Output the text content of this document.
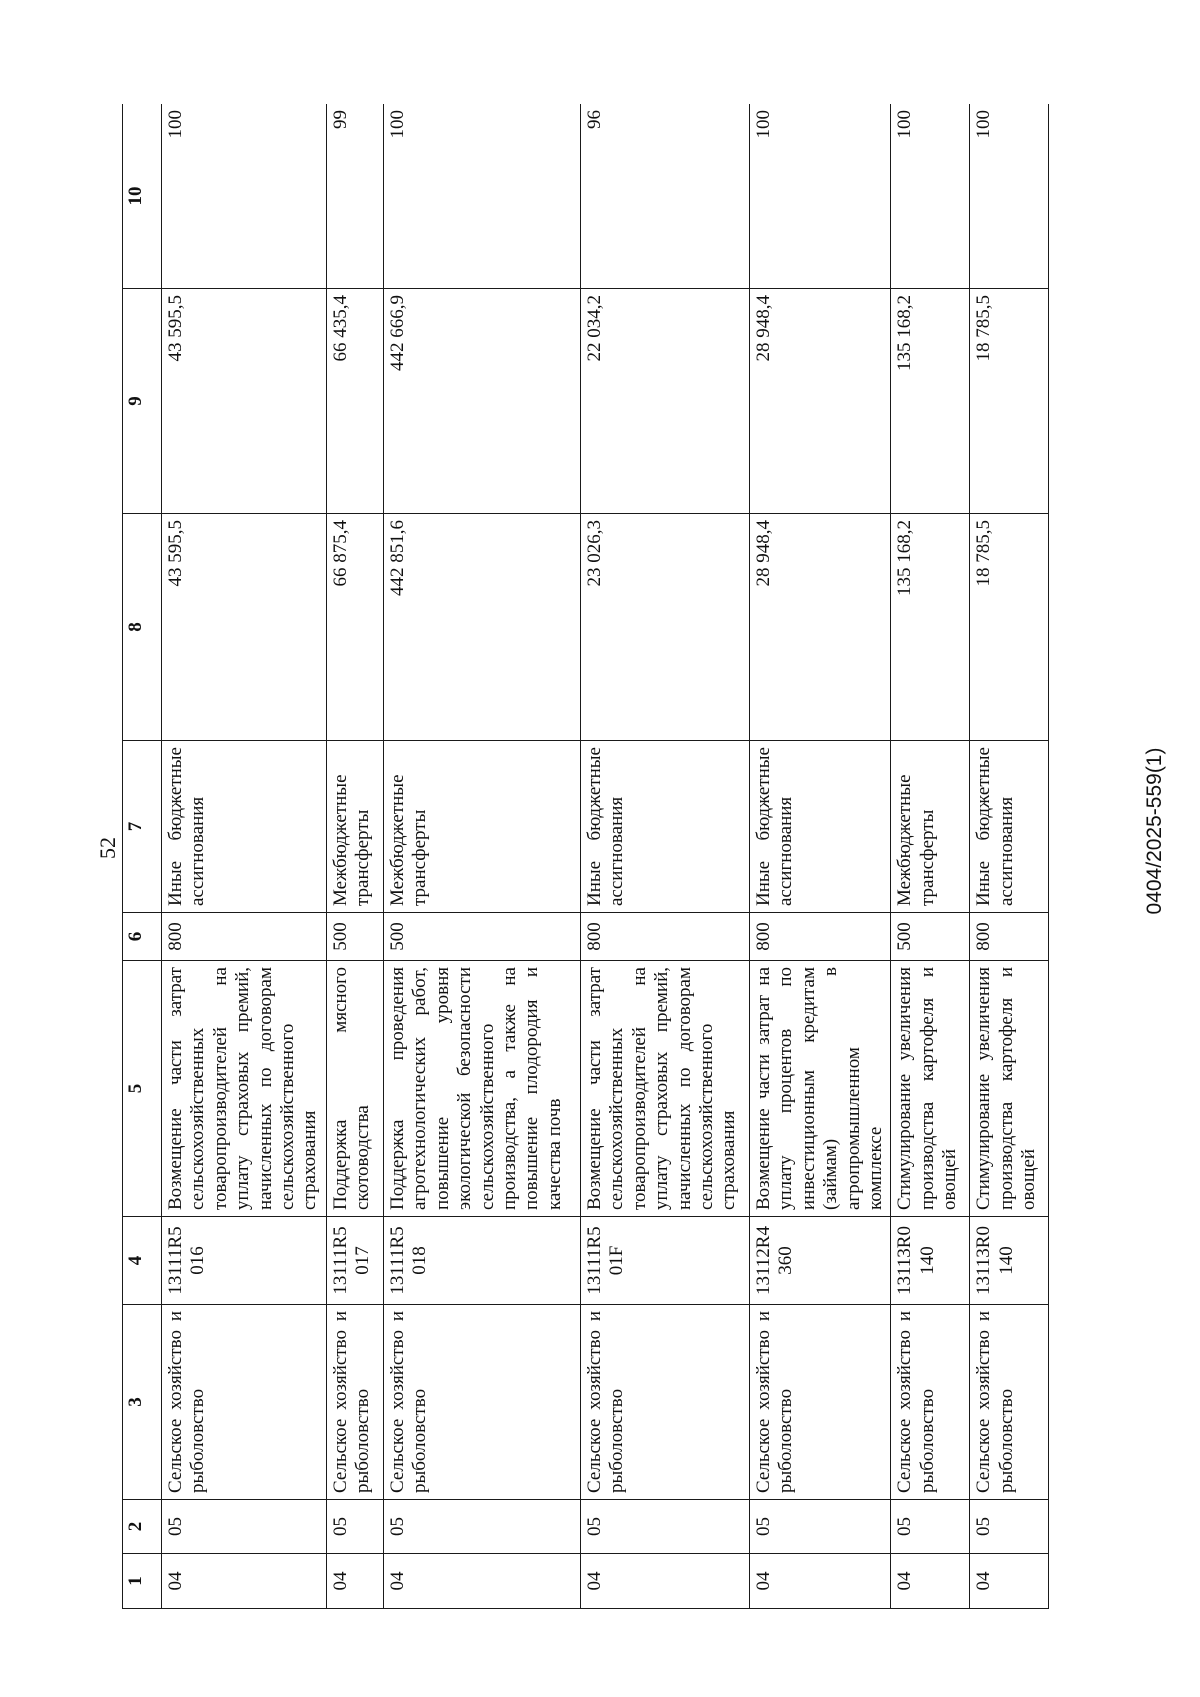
52	0404/2025-559(1)
1	2	3	4	5	6	7	8	9	10
04	05	Сельское хозяйство и рыболовство	13111R5016	Возмещение части затрат сельскохозяйственных товаропроизводителей на уплату страховых премий, начисленных по договорам сельскохозяйственного страхования	800	Иные бюджетные ассигнования	43 595,5	43 595,5	100
04	05	Сельское хозяйство и рыболовство	13111R5017	Поддержка мясного скотоводства	500	Межбюджетные трансферты	66 875,4	66 435,4	99
04	05	Сельское хозяйство и рыболовство	13111R5018	Поддержка проведения агротехнологических работ, повышение уровня экологической безопасности сельскохозяйственного производства, а также на повышение плодородия и качества почв	500	Межбюджетные трансферты	442 851,6	442 666,9	100
04	05	Сельское хозяйство и рыболовство	13111R501F	Возмещение части затрат сельскохозяйственных товаропроизводителей на уплату страховых премий, начисленных по договорам сельскохозяйственного страхования	800	Иные бюджетные ассигнования	23 026,3	22 034,2	96
04	05	Сельское хозяйство и рыболовство	13112R4360	Возмещение части затрат на уплату процентов по инвестиционным кредитам (займам) в агропромышленном комплексе	800	Иные бюджетные ассигнования	28 948,4	28 948,4	100
04	05	Сельское хозяйство и рыболовство	13113R0140	Стимулирование увеличения производства картофеля и овощей	500	Межбюджетные трансферты	135 168,2	135 168,2	100
04	05	Сельское хозяйство и рыболовство	13113R0140	Стимулирование увеличения производства картофеля и овощей	800	Иные бюджетные ассигнования	18 785,5	18 785,5	100
